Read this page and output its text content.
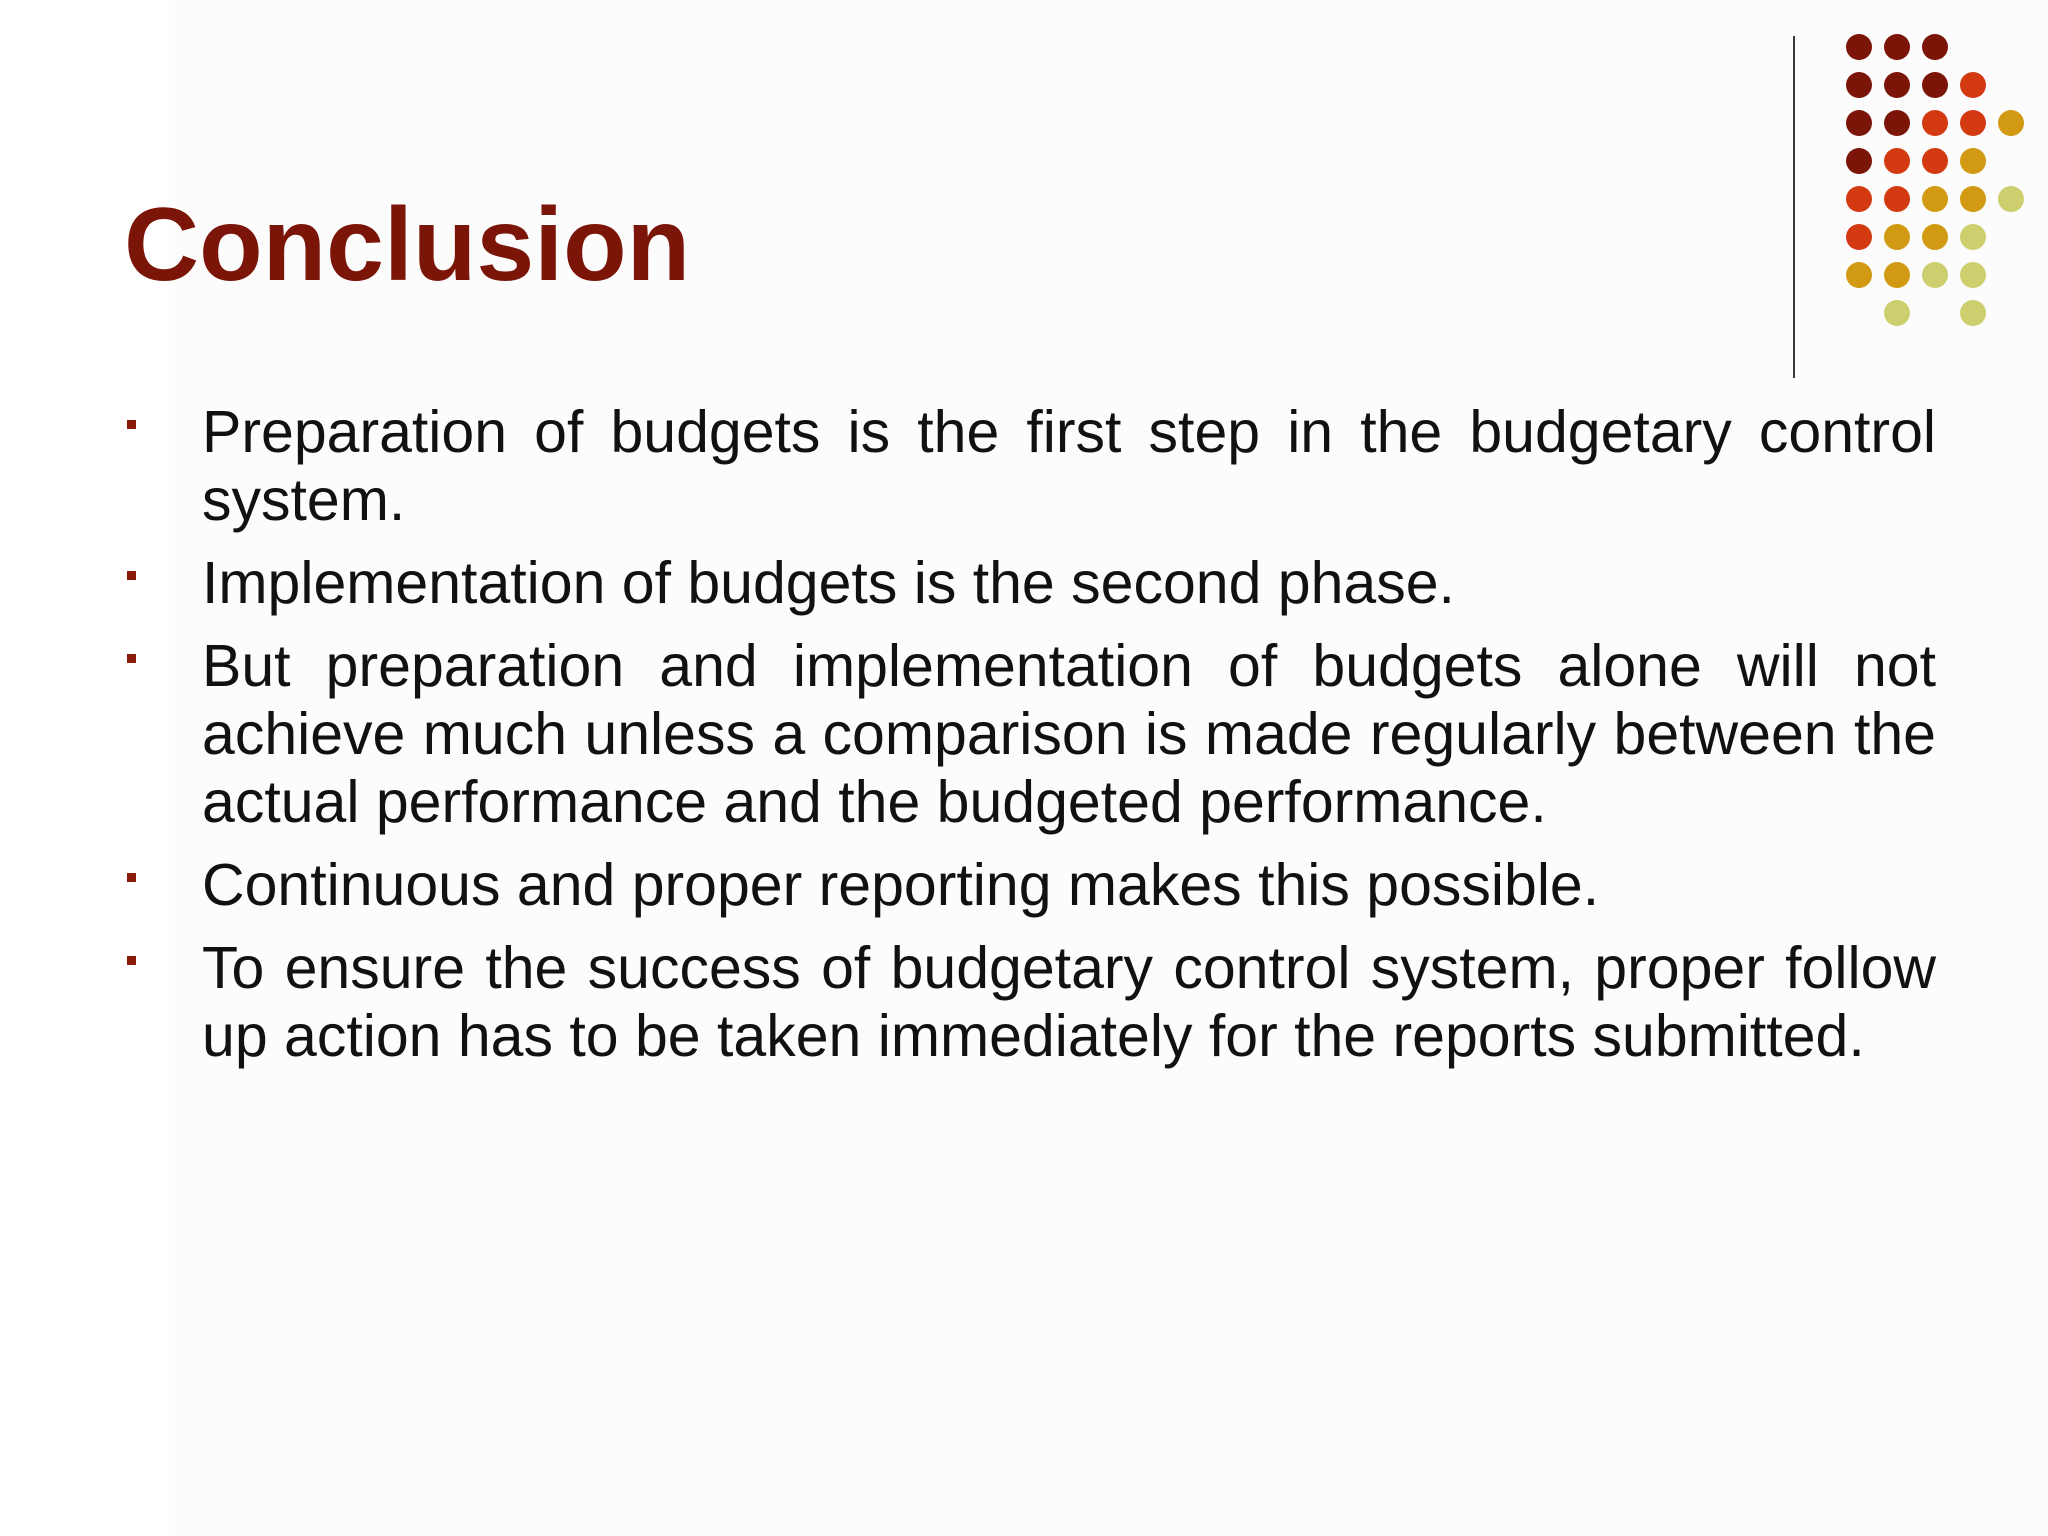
Conclusion
Preparation of budgets is the first step in the budgetary control system.
Implementation of budgets is the second phase.
But preparation and implementation of budgets alone will not achieve much unless a comparison is made regularly between the actual performance and the budgeted performance.
Continuous and proper reporting makes this possible.
To ensure the success of budgetary control system, proper follow up action has to be taken immediately for the reports submitted.
